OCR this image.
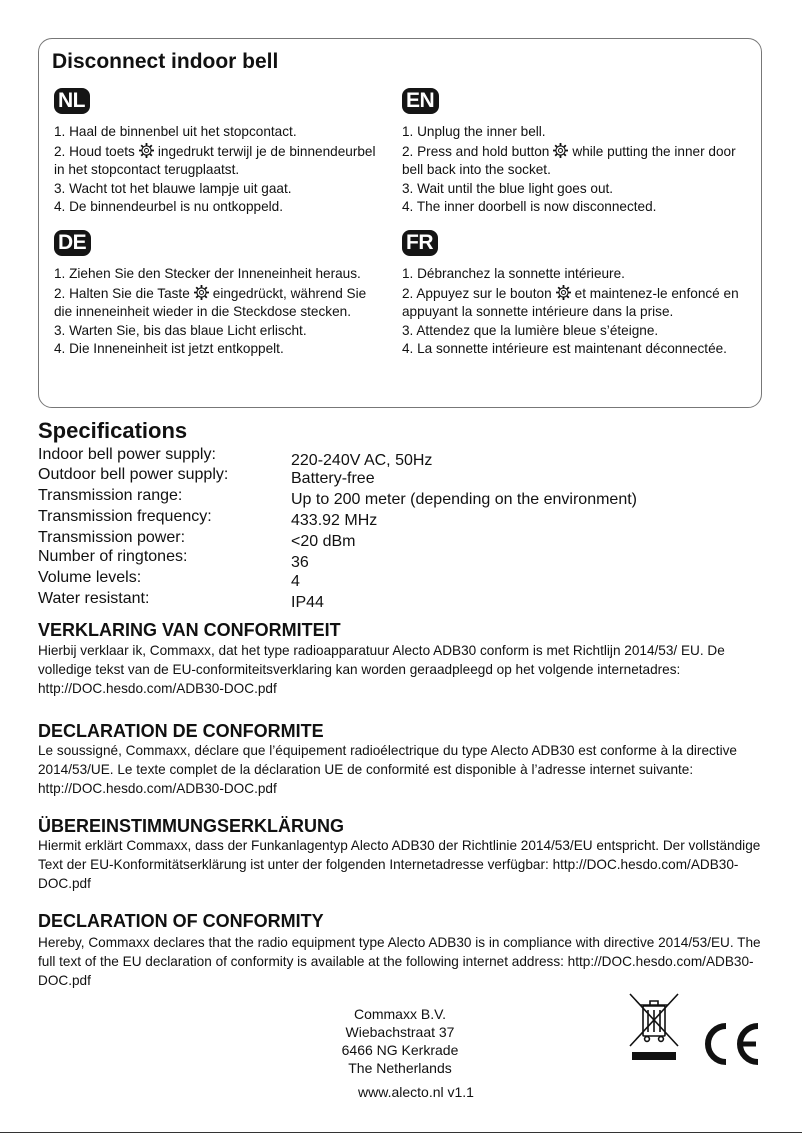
Disconnect indoor bell
NL
1. Haal de binnenbel uit het stopcontact.
2. Houd toets ingedrukt terwijl je de binnendeurbel in het stopcontact terugplaatst.
3. Wacht tot het blauwe lampje uit gaat.
4. De binnendeurbel is nu ontkoppeld.
EN
1. Unplug the inner bell.
2. Press and hold button while putting the inner door bell back into the socket.
3. Wait until the blue light goes out.
4. The inner doorbell is now disconnected.
DE
1. Ziehen Sie den Stecker der Inneneinheit heraus.
2. Halten Sie die Taste eingedrückt, während Sie die inneneinheit wieder in die Steckdose stecken.
3. Warten Sie, bis das blaue Licht erlischt.
4. Die Inneneinheit ist jetzt entkoppelt.
FR
1. Débranchez la sonnette intérieure.
2. Appuyez sur le bouton et maintenez-le enfoncé en appuyant la sonnette intérieure dans la prise.
3. Attendez que la lumière bleue s’éteigne.
4. La sonnette intérieure est maintenant déconnectée.
Specifications
Indoor bell power supply:	220-240V AC, 50Hz
Outdoor bell power supply:	Battery-free
Transmission range:	Up to 200 meter (depending on the environment)
Transmission frequency:	433.92 MHz
Transmission power:	<20 dBm
Number of ringtones:	36
Volume levels:	4
Water resistant:	IP44
VERKLARING VAN CONFORMITEIT

Hierbij verklaar ik, Commaxx, dat het type radioapparatuur Alecto ADB30 conform is met Richtlijn 2014/53/ EU. De volledige tekst van de EU-conformiteitsverklaring kan worden geraadpleegd op het volgende internetadres: http://DOC.hesdo.com/ADB30-DOC.pdf

DECLARATION DE CONFORMITE

Le soussigné, Commaxx, déclare que l’équipement radioélectrique du type Alecto ADB30 est conforme à la directive 2014/53/UE. Le texte complet de la déclaration UE de conformité est disponible à l’adresse internet suivante: http://DOC.hesdo.com/ADB30-DOC.pdf

ÜBEREINSTIMMUNGSERKLÄRUNG

Hiermit erklärt Commaxx, dass der Funkanlagentyp Alecto ADB30 der Richtlinie 2014/53/EU entspricht. Der vollständige Text der EU-Konformitätserklärung ist unter der folgenden Internetadresse verfügbar: http://DOC.hesdo.com/ADB30-DOC.pdf

DECLARATION OF CONFORMITY

Hereby, Commaxx declares that the radio equipment type Alecto ADB30 is in compliance with directive 2014/53/EU. The full text of the EU declaration of conformity is available at the following internet address: http://DOC.hesdo.com/ADB30-DOC.pdf

Commaxx B.V.
Wiebachstraat 37
6466 NG Kerkrade
The Netherlands
www.alecto.nl v1.1
